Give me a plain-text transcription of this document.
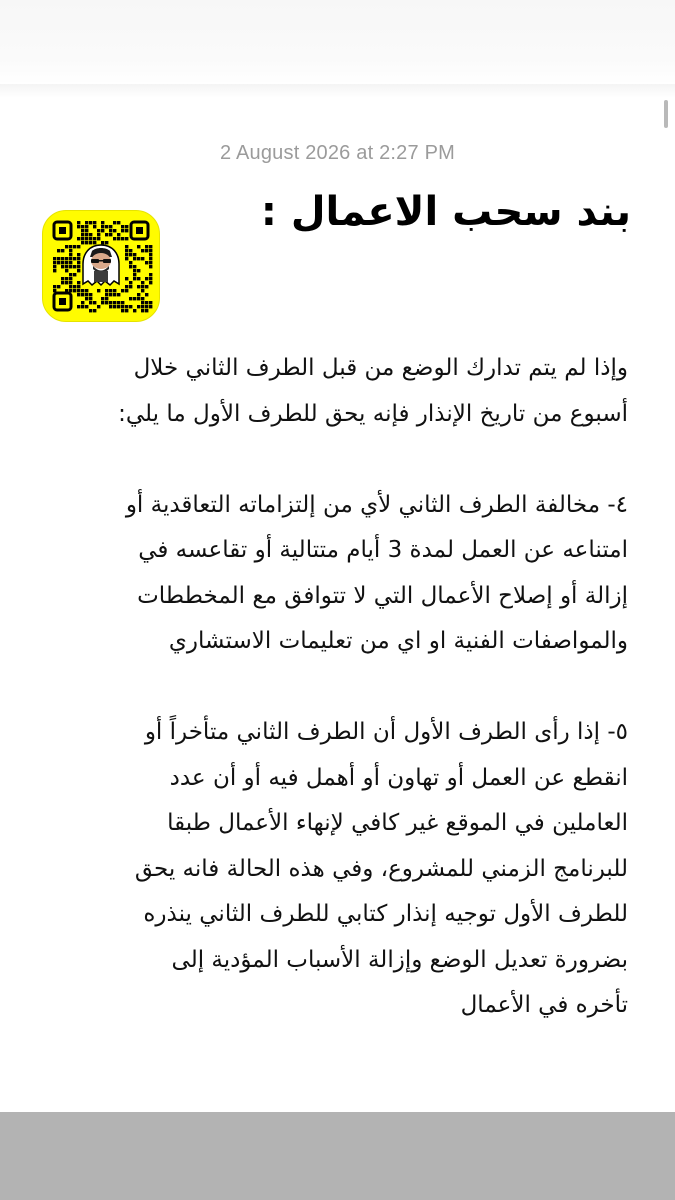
2 August 2026 at 2:27 PM
بند سحب الاعمال :

وإذا لم يتم تدارك الوضع من قبل الطرف الثاني خلال
أسبوع من تاريخ الإنذار فإنه يحق للطرف الأول ما يلي:

٤- مخالفة الطرف الثاني لأي من إلتزاماته التعاقدية أو
امتناعه عن العمل لمدة 3 أيام متتالية أو تقاعسه في
إزالة أو إصلاح الأعمال التي لا تتوافق مع المخططات
والمواصفات الفنية او اي من تعليمات الاستشاري

٥- إذا رأى الطرف الأول أن الطرف الثاني متأخراً أو
انقطع عن العمل أو تهاون أو أهمل فيه أو أن عدد
العاملين في الموقع غير كافي لإنهاء الأعمال طبقا
للبرنامج الزمني للمشروع، وفي هذه الحالة فانه يحق
للطرف الأول توجيه إنذار كتابي للطرف الثاني ينذره
بضرورة تعديل الوضع وإزالة الأسباب المؤدية إلى
تأخره في الأعمال
